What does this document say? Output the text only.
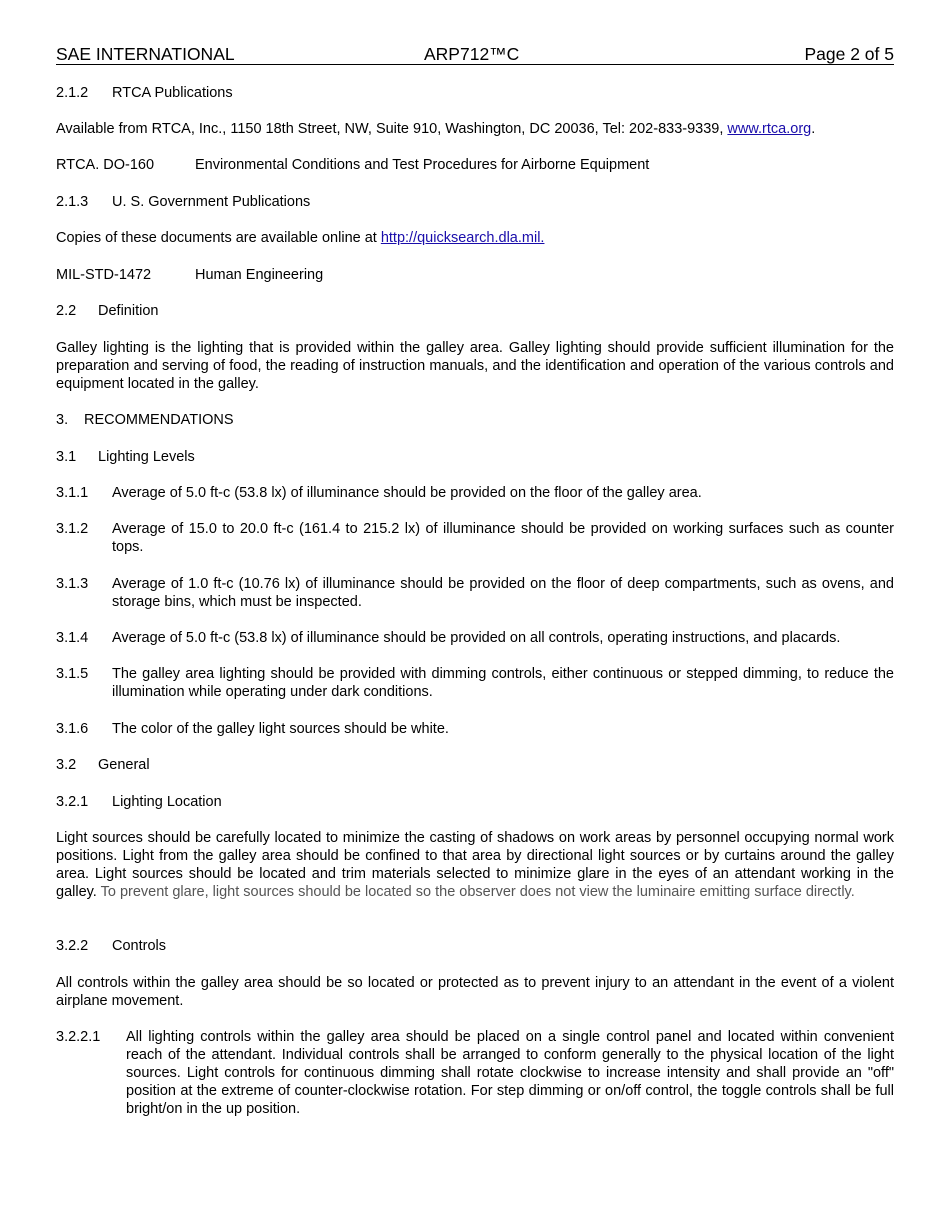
SAE INTERNATIONAL	ARP712™C	Page 2 of 5
2.1.2 RTCA Publications
Available from RTCA, Inc., 1150 18th Street, NW, Suite 910, Washington, DC 20036, Tel: 202-833-9339, www.rtca.org.
RTCA. DO-160	Environmental Conditions and Test Procedures for Airborne Equipment
2.1.3 U. S. Government Publications
Copies of these documents are available online at http://quicksearch.dla.mil.
MIL-STD-1472	Human Engineering
2.2 Definition
Galley lighting is the lighting that is provided within the galley area. Galley lighting should provide sufficient illumination for the preparation and serving of food, the reading of instruction manuals, and the identification and operation of the various controls and equipment located in the galley.
3. RECOMMENDATIONS
3.1 Lighting Levels
3.1.1 Average of 5.0 ft-c (53.8 lx) of illuminance should be provided on the floor of the galley area.
3.1.2 Average of 15.0 to 20.0 ft-c (161.4 to 215.2 lx) of illuminance should be provided on working surfaces such as counter tops.
3.1.3 Average of 1.0 ft-c (10.76 lx) of illuminance should be provided on the floor of deep compartments, such as ovens, and storage bins, which must be inspected.
3.1.4 Average of 5.0 ft-c (53.8 lx) of illuminance should be provided on all controls, operating instructions, and placards.
3.1.5 The galley area lighting should be provided with dimming controls, either continuous or stepped dimming, to reduce the illumination while operating under dark conditions.
3.1.6 The color of the galley light sources should be white.
3.2 General
3.2.1 Lighting Location
Light sources should be carefully located to minimize the casting of shadows on work areas by personnel occupying normal work positions. Light from the galley area should be confined to that area by directional light sources or by curtains around the galley area. Light sources should be located and trim materials selected to minimize glare in the eyes of an attendant working in the galley. To prevent glare, light sources should be located so the observer does not view the luminaire emitting surface directly.
3.2.2 Controls
All controls within the galley area should be so located or protected as to prevent injury to an attendant in the event of a violent airplane movement.
3.2.2.1 All lighting controls within the galley area should be placed on a single control panel and located within convenient reach of the attendant. Individual controls shall be arranged to conform generally to the physical location of the light sources. Light controls for continuous dimming shall rotate clockwise to increase intensity and shall provide an "off" position at the extreme of counter-clockwise rotation. For step dimming or on/off control, the toggle controls shall be full bright/on in the up position.
